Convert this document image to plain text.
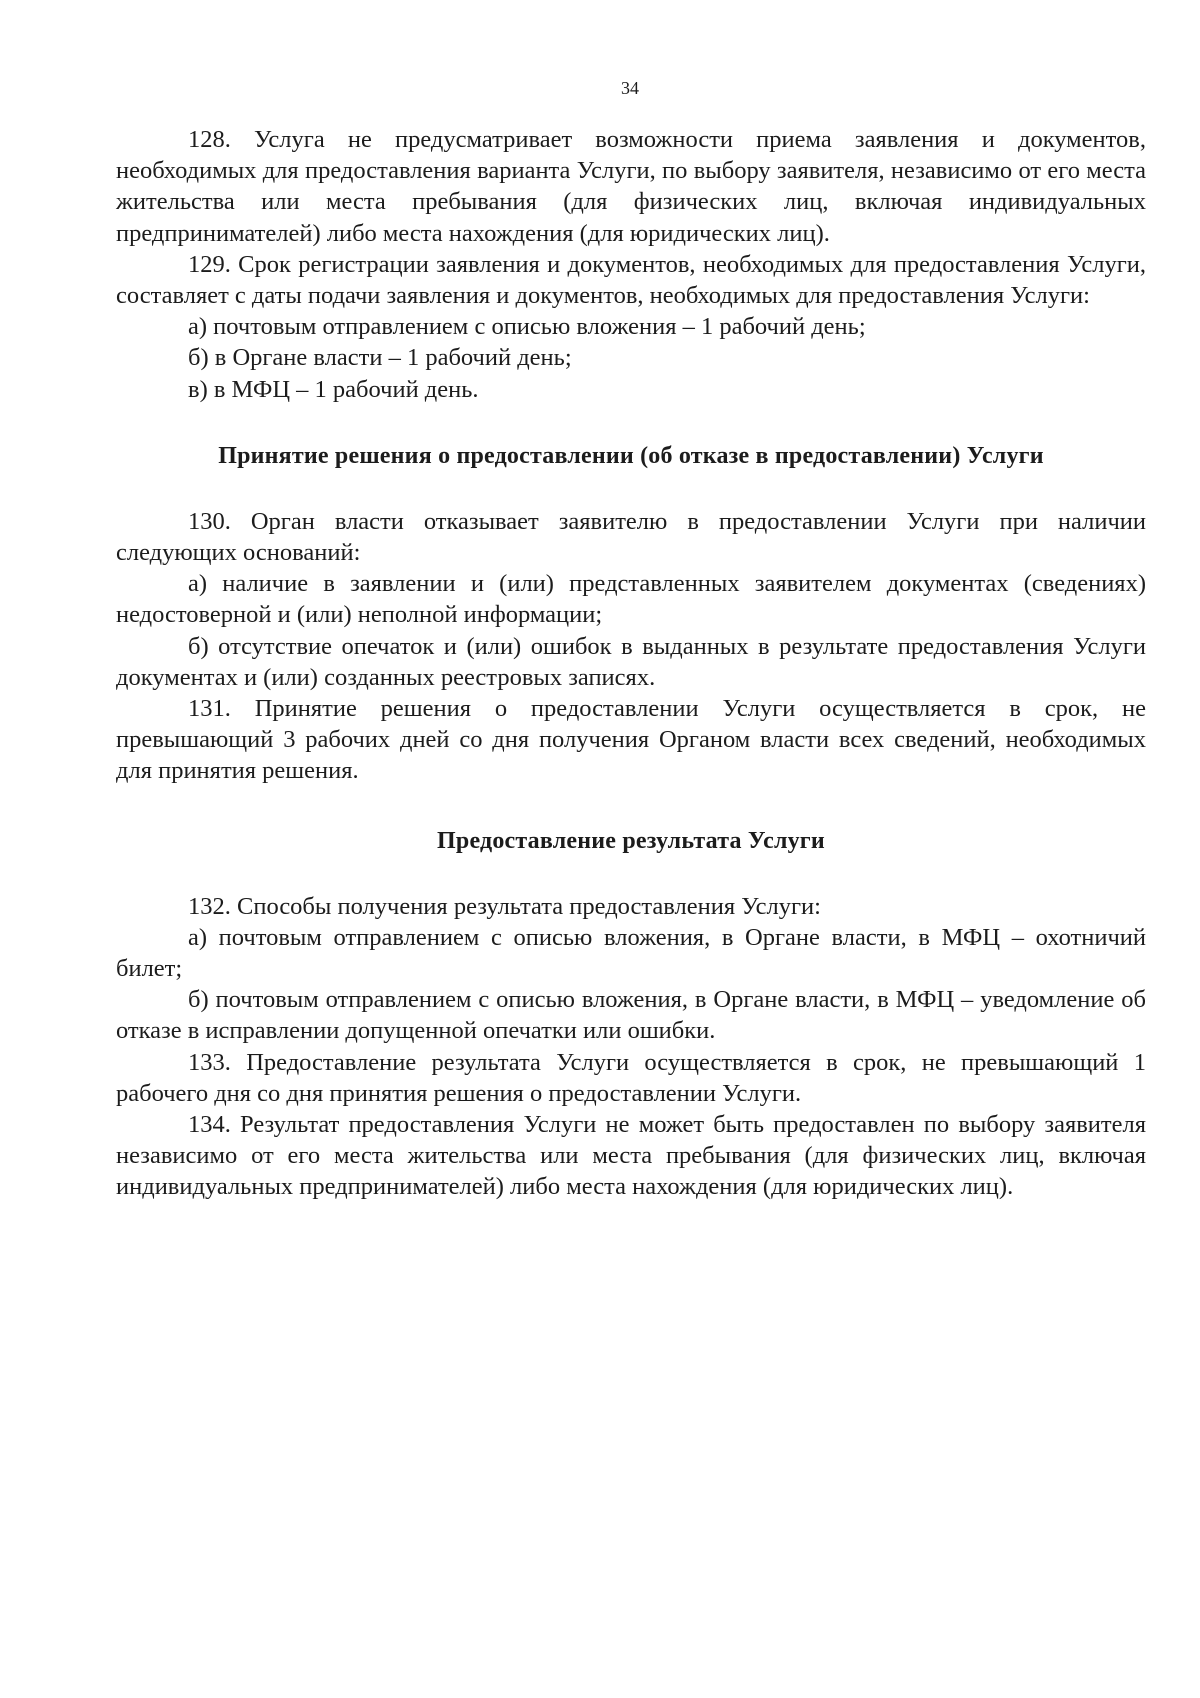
34

128. Услуга не предусматривает возможности приема заявления и документов, необходимых для предоставления варианта Услуги, по выбору заявителя, независимо от его места жительства или места пребывания (для физических лиц, включая индивидуальных предпринимателей) либо места нахождения (для юридических лиц).

129. Срок регистрации заявления и документов, необходимых для предоставления Услуги, составляет с даты подачи заявления и документов, необходимых для предоставления Услуги:

а) почтовым отправлением с описью вложения – 1 рабочий день;

б) в Органе власти – 1 рабочий день;

в) в МФЦ – 1 рабочий день.

Принятие решения о предоставлении (об отказе в предоставлении) Услуги

130. Орган власти отказывает заявителю в предоставлении Услуги при наличии следующих оснований:

а) наличие в заявлении и (или) представленных заявителем документах (сведениях) недостоверной и (или) неполной информации;

б) отсутствие опечаток и (или) ошибок в выданных в результате предоставления Услуги документах и (или) созданных реестровых записях.

131. Принятие решения о предоставлении Услуги осуществляется в срок, не превышающий 3 рабочих дней со дня получения Органом власти всех сведений, необходимых для принятия решения.

Предоставление результата Услуги

132. Способы получения результата предоставления Услуги:

а) почтовым отправлением с описью вложения, в Органе власти, в МФЦ – охотничий билет;

б) почтовым отправлением с описью вложения, в Органе власти, в МФЦ – уведомление об отказе в исправлении допущенной опечатки или ошибки.

133. Предоставление результата Услуги осуществляется в срок, не превышающий 1 рабочего дня со дня принятия решения о предоставлении Услуги.

134. Результат предоставления Услуги не может быть предоставлен по выбору заявителя независимо от его места жительства или места пребывания (для физических лиц, включая индивидуальных предпринимателей) либо места нахождения (для юридических лиц).
